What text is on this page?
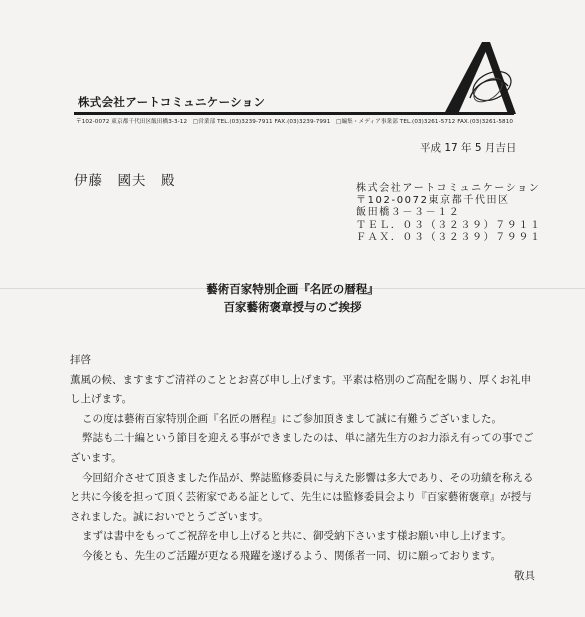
株式会社アートコミュニケーション
〒102-0072 東京都千代田区飯田橋3-3-12　□営業部 TEL.(03)3239-7911 FAX.(03)3239-7991　□編集・メディア事業部 TEL.(03)3261-5712 FAX.(03)3261-5810
平成 17 年 5 月吉日
伊藤　國夫　殿	株式会社アートコミュニケーション
〒102-0072東京都千代田区
飯田橋３－３－１２
ＴＥＬ．０３（３２３９）７９１１
ＦＡＸ．０３（３２３９）７９９１
藝術百家特別企画『名匠の暦程』
百家藝術褒章授与のご挨拶

拝啓

薫風の候、ますますご清祥のこととお喜び申し上げます。平素は格別のご高配を賜り、厚くお礼申し上げます。

この度は藝術百家特別企画『名匠の暦程』にご参加頂きまして誠に有難うございました。

弊誌も二十編という節目を迎える事ができましたのは、単に諸先生方のお力添え有っての事でございます。

今回紹介させて頂きました作品が、弊誌監修委員に与えた影響は多大であり、その功績を称えると共に今後を担って頂く芸術家である証として、先生には監修委員会より『百家藝術褒章』が授与されました。誠においでとうございます。

まずは書中をもってご祝辞を申し上げると共に、御受納下さいます様お願い申し上げます。

今後とも、先生のご活躍が更なる飛躍を遂げるよう、関係者一同、切に願っております。

敬具
